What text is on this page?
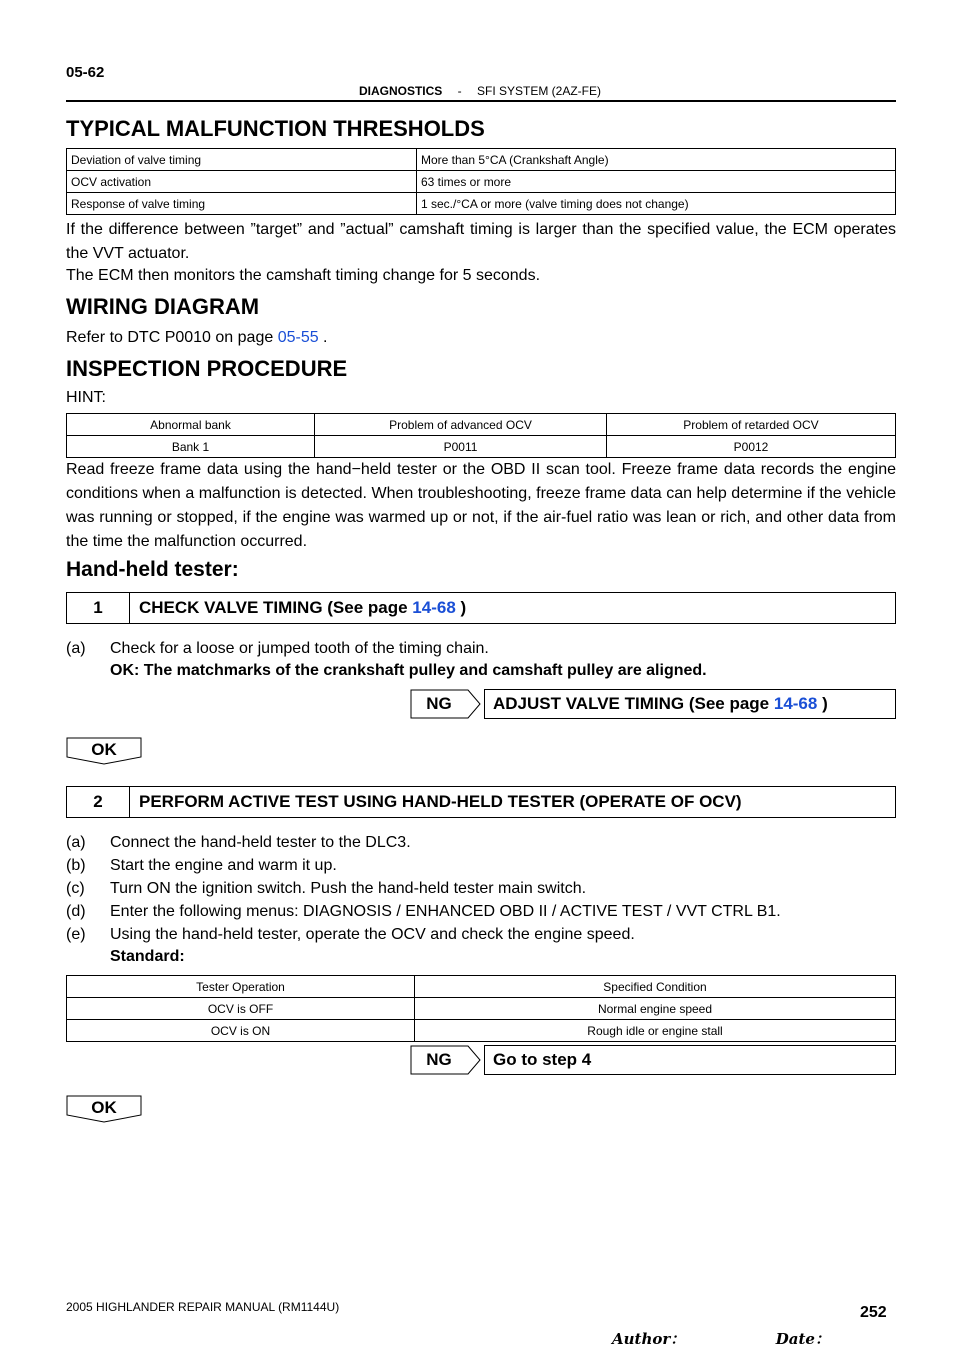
05-62
DIAGNOSTICS - SFI SYSTEM (2AZ-FE)
TYPICAL MALFUNCTION THRESHOLDS
Deviation of valve timing	More than 5°CA (Crankshaft Angle)
OCV activation	63 times or more
Response of valve timing	1 sec./°CA or more (valve timing does not change)
If the difference between ”target” and ”actual” camshaft timing is larger than the specified value, the ECM operates the VVT actuator.
The ECM then monitors the camshaft timing change for 5 seconds.
WIRING DIAGRAM
Refer to DTC P0010 on page 05-55 .
INSPECTION PROCEDURE
HINT:
Abnormal bank	Problem of advanced OCV	Problem of retarded OCV
Bank 1	P0011	P0012
Read freeze frame data using the hand−held tester or the OBD II scan tool. Freeze frame data records the engine conditions when a malfunction is detected. When troubleshooting, freeze frame data can help determine if the vehicle was running or stopped, if the engine was warmed up or not, if the air-fuel ratio was lean or rich, and other data from the time the malfunction occurred.
Hand-held tester:
1	CHECK VALVE TIMING (See page 14-68 )
(a) Check for a loose or jumped tooth of the timing chain.
OK: The matchmarks of the crankshaft pulley and camshaft pulley are aligned.
NG	ADJUST VALVE TIMING (See page 14-68 )
OK
2	PERFORM ACTIVE TEST USING HAND-HELD TESTER (OPERATE OF OCV)
(a) Connect the hand-held tester to the DLC3.
(b) Start the engine and warm it up.
(c) Turn ON the ignition switch. Push the hand-held tester main switch.
(d) Enter the following menus: DIAGNOSIS / ENHANCED OBD II / ACTIVE TEST / VVT CTRL B1.
(e) Using the hand-held tester, operate the OCV and check the engine speed.
Standard:
Tester Operation	Specified Condition
OCV is OFF	Normal engine speed
OCV is ON	Rough idle or engine stall
NG	Go to step 4
OK
2005 HIGHLANDER REPAIR MANUAL (RM1144U)	252
Author：	Date：
